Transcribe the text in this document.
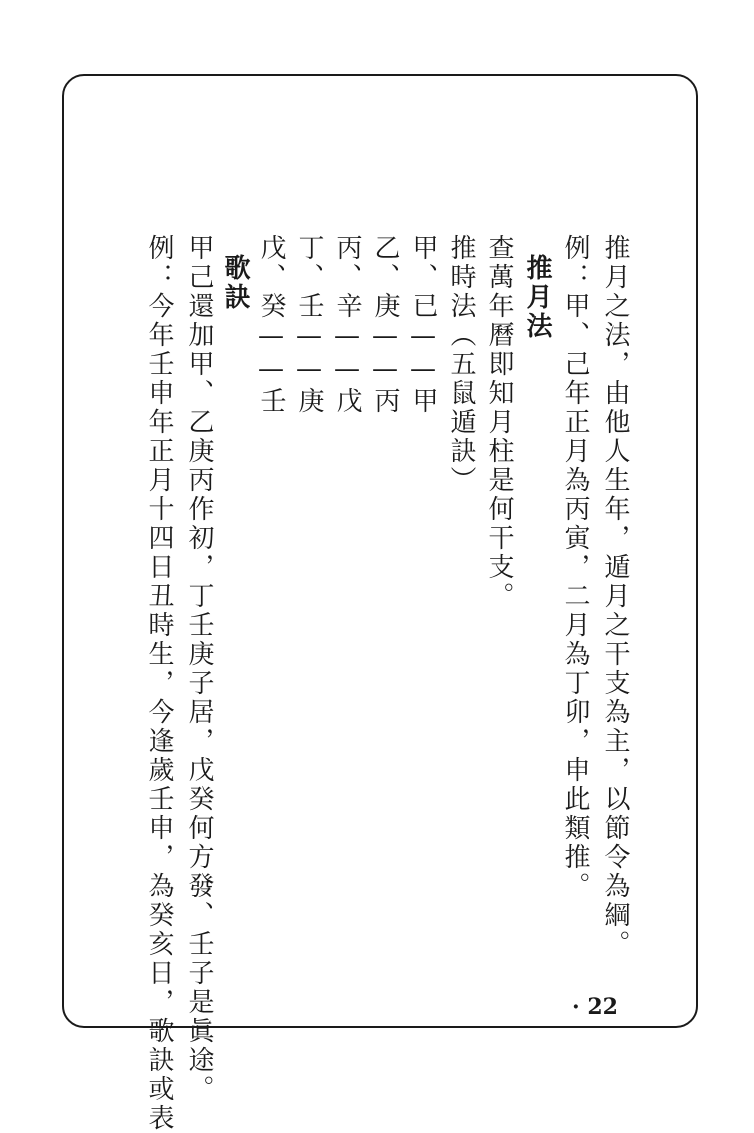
推月之法，由他人生年，遁月之干支為主，以節令為綱。

例：甲、己年正月為丙寅，二月為丁卯，申此類推。

推月法

查萬年曆即知月柱是何干支。

推時法（五鼠遁訣）

甲、已——甲

乙、庚——丙

丙、辛——戊

丁、壬——庚

戊、癸——壬

歌訣

甲己還加甲、乙庚丙作初，丁壬庚子居，戊癸何方發、壬子是眞途。

例：今年壬申年正月十四日丑時生，今逢歲壬申，為癸亥日，歌訣或表	· 22
